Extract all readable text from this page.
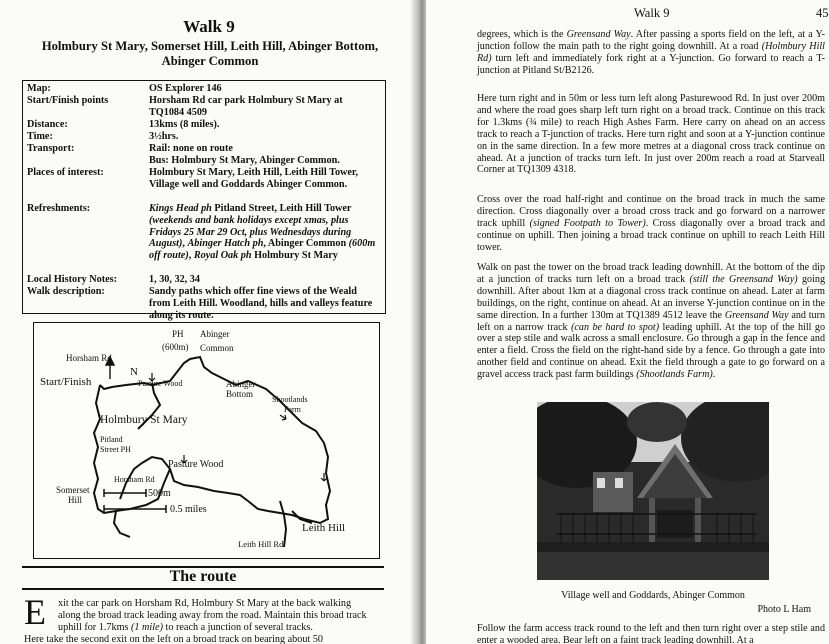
Walk 9
Holmbury St Mary, Somerset Hill, Leith Hill, Abinger Bottom, Abinger Common
Map:	OS Explorer 146
Start/Finish points	Horsham Rd car park Holmbury St Mary at TQ1084 4509
Distance:	13kms (8 miles).
Time:	3½hrs.
Transport:	Rail: none on route
Bus: Holmbury St Mary, Abinger Common.
Places of interest:	Holmbury St Mary, Leith Hill, Leith Hill Tower, Village well and Goddards Abinger Common.
Refreshments:	Kings Head ph Pitland Street, Leith Hill Tower (weekends and bank holidays except xmas, plus Fridays 25 Mar 29 Oct, plus Wednesdays during August), Abinger Hatch ph, Abinger Common (600m off route), Royal Oak ph Holmbury St Mary
Local History Notes:	1, 30, 32, 34
Walk description:	Sandy paths which offer fine views of the Weald from Leith Hill. Woodland, hills and valleys feature along its route.
PH
(600m)
Abinger
Common
Horsham Rd
N
Start/Finish	Pasture Wood	Abinger
Bottom
Shootlands
Farm
Holmbury St Mary
Pitland
Street PH
Pasture Wood
Horsham Rd
Somerset
Hill
500m
0.5 miles
Leith Hill
Leith Hill Rd
The route
E xit the car park on Horsham Rd, Holmbury St Mary at the back walking along the broad track leading away from the road. Maintain this broad track uphill for 1.7kms (1 mile) to reach a junction of several tracks.
Here take the second exit on the left on a broad track on bearing about 50
Walk 9	45
degrees, which is the Greensand Way. After passing a sports field on the left, at a Y-junction follow the main path to the right going downhill. At a road (Holmbury Hill Rd) turn left and immediately fork right at a Y-junction. Go forward to reach a T-junction at Pitland St/B2126.
Here turn right and in 50m or less turn left along Pasturewood Rd. In just over 200m and where the road goes sharp left turn right on a broad track. Continue on this track for 1.3kms (¾ mile) to reach High Ashes Farm. Here carry on ahead on an access track to reach a T-junction of tracks. Here turn right and soon at a Y-junction continue on in the same direction. In a few more metres at a diagonal cross track continue on ahead. At a junction of tracks turn left. In just over 200m reach a road at Starveall Corner at TQ1309 4318.
Cross over the road half-right and continue on the broad track in much the same direction. Cross diagonally over a broad cross track and go forward on a narrower track uphill (signed Footpath to Tower). Cross diagonally over a broad track and continue on uphill. Then joining a broad track continue on uphill to reach Leith Hill tower.
Walk on past the tower on the broad track leading downhill. At the bottom of the dip at a junction of tracks turn left on a broad track (still the Greensand Way) going downhill. After about 1km at a diagonal cross track continue on ahead. Later at farm buildings, on the right, continue on ahead. At an inverse Y-junction continue on in the same direction. In a further 130m at TQ1389 4512 leave the Greensand Way and turn left on a narrow track (can be hard to spot) leading uphill. At the top of the hill go over a step stile and walk across a small enclosure. Go through a gap in the fence and enter a field. Cross the field on the right-hand side by a fence. Go through a gate into another field and continue on ahead. Exit the field through a gate to go forward on a gravel access track past farm buildings (Shootlands Farm).
Village well and Goddards, Abinger Common
Photo L Ham
Follow the farm access track round to the left and then turn right over a step stile and enter a wooded area. Bear left on a faint track leading downhill. At a
